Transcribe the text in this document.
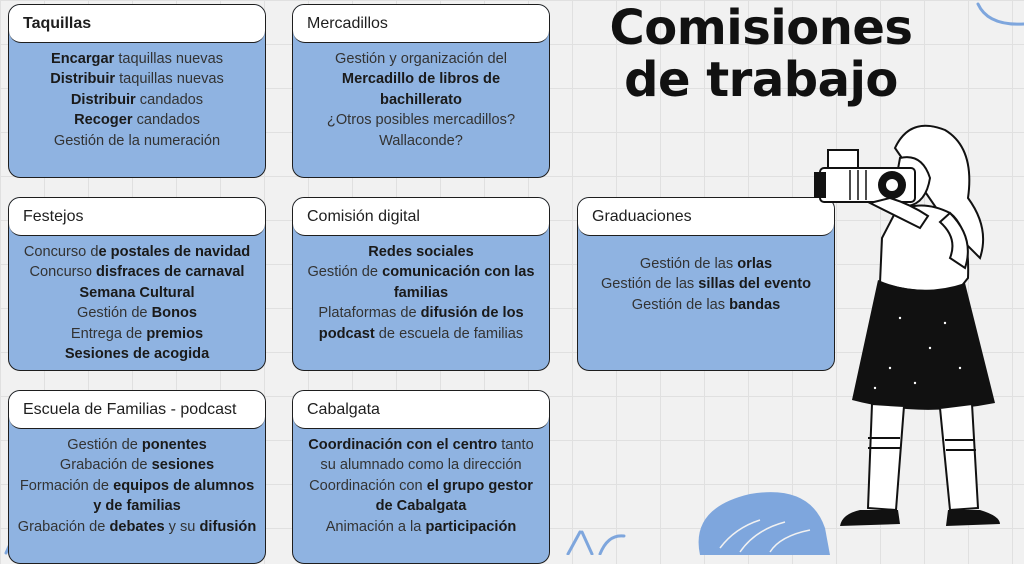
Comisiones
de trabajo
Taquillas
Encargar taquillas nuevas
Distribuir taquillas nuevas
Distribuir candados
Recoger candados
Gestión de la numeración
Mercadillos
Gestión y organización del
Mercadillo de libros de
bachillerato
¿Otros posibles mercadillos?
Wallaconde?
Festejos
Concurso de postales de navidad
Concurso disfraces de carnaval
Semana Cultural
Gestión de Bonos
Entrega de premios
Sesiones de acogida
Comisión digital
Redes sociales
Gestión de comunicación con las
familias
Plataformas de difusión de los
podcast de escuela de familias
Graduaciones
Gestión de las orlas
Gestión de las sillas del evento
Gestión de las bandas
Escuela de Familias - podcast
Gestión de ponentes
Grabación de sesiones
Formación de equipos de alumnos
y de familias
Grabación de debates y su difusión
Cabalgata
Coordinación con el centro tanto
su alumnado como la dirección
Coordinación con el grupo gestor
de Cabalgata
Animación a la participación
